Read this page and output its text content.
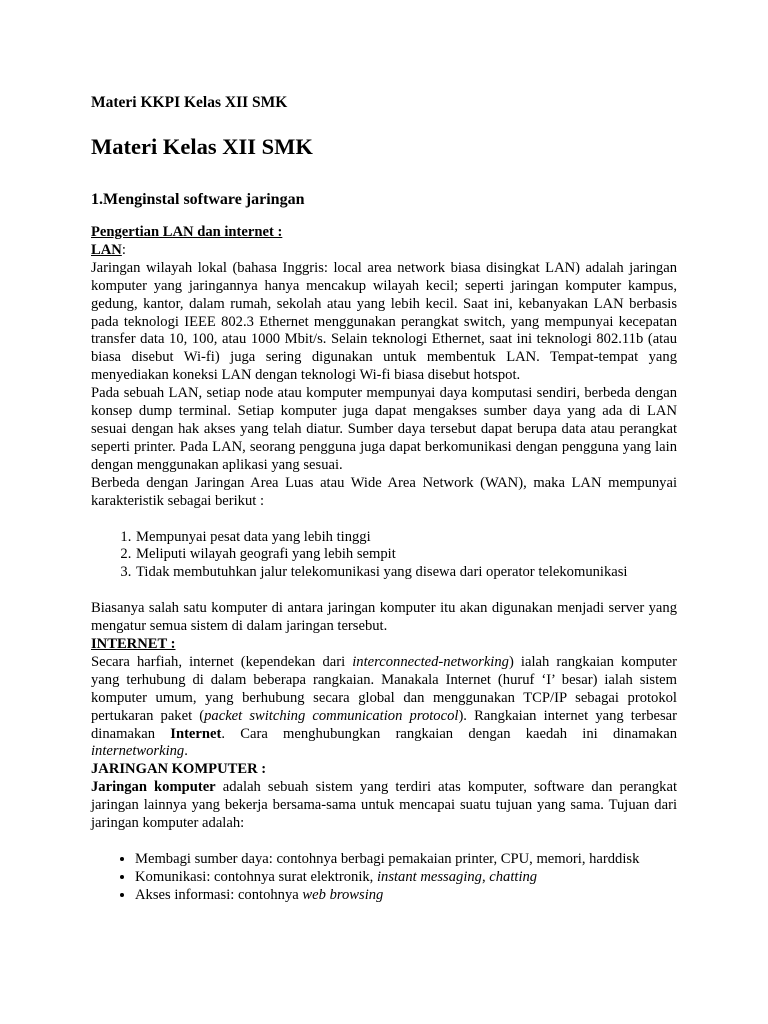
Materi KKPI Kelas XII SMK

Materi Kelas XII SMK

1.Menginstal software jaringan

Pengertian LAN dan internet :

LAN:

Jaringan wilayah lokal (bahasa Inggris: local area network biasa disingkat LAN) adalah jaringan komputer yang jaringannya hanya mencakup wilayah kecil; seperti jaringan komputer kampus, gedung, kantor, dalam rumah, sekolah atau yang lebih kecil. Saat ini, kebanyakan LAN berbasis pada teknologi IEEE 802.3 Ethernet menggunakan perangkat switch, yang mempunyai kecepatan transfer data 10, 100, atau 1000 Mbit/s. Selain teknologi Ethernet, saat ini teknologi 802.11b (atau biasa disebut Wi-fi) juga sering digunakan untuk membentuk LAN. Tempat-tempat yang menyediakan koneksi LAN dengan teknologi Wi-fi biasa disebut hotspot.

Pada sebuah LAN, setiap node atau komputer mempunyai daya komputasi sendiri, berbeda dengan konsep dump terminal. Setiap komputer juga dapat mengakses sumber daya yang ada di LAN sesuai dengan hak akses yang telah diatur. Sumber daya tersebut dapat berupa data atau perangkat seperti printer. Pada LAN, seorang pengguna juga dapat berkomunikasi dengan pengguna yang lain dengan menggunakan aplikasi yang sesuai.

Berbeda dengan Jaringan Area Luas atau Wide Area Network (WAN), maka LAN mempunyai karakteristik sebagai berikut :

1. Mempunyai pesat data yang lebih tinggi
2. Meliputi wilayah geografi yang lebih sempit
3. Tidak membutuhkan jalur telekomunikasi yang disewa dari operator telekomunikasi

Biasanya salah satu komputer di antara jaringan komputer itu akan digunakan menjadi server yang mengatur semua sistem di dalam jaringan tersebut.

INTERNET :

Secara harfiah, internet (kependekan dari interconnected-networking) ialah rangkaian komputer yang terhubung di dalam beberapa rangkaian. Manakala Internet (huruf ‘I’ besar) ialah sistem komputer umum, yang berhubung secara global dan menggunakan TCP/IP sebagai protokol pertukaran paket (packet switching communication protocol). Rangkaian internet yang terbesar dinamakan Internet. Cara menghubungkan rangkaian dengan kaedah ini dinamakan internetworking.

JARINGAN KOMPUTER :

Jaringan komputer adalah sebuah sistem yang terdiri atas komputer, software dan perangkat jaringan lainnya yang bekerja bersama-sama untuk mencapai suatu tujuan yang sama. Tujuan dari jaringan komputer adalah:

• Membagi sumber daya: contohnya berbagi pemakaian printer, CPU, memori, harddisk
• Komunikasi: contohnya surat elektronik, instant messaging, chatting
• Akses informasi: contohnya web browsing
